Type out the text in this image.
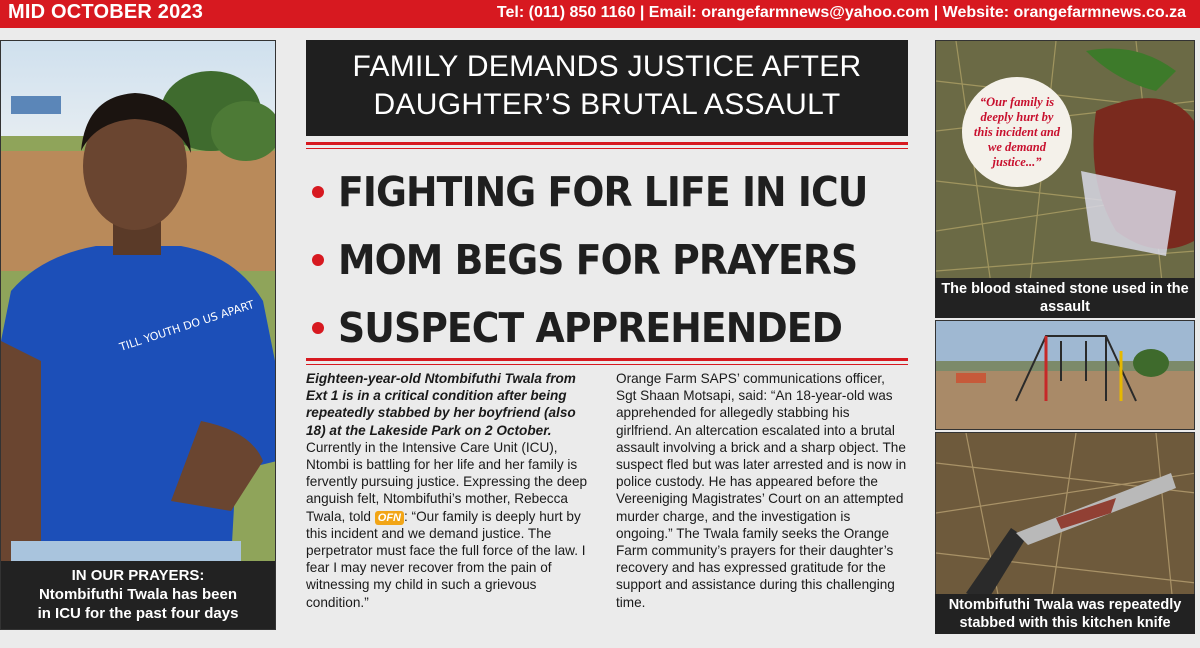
MID OCTOBER 2023	Tel: (011) 850 1160 | Email: orangefarmnews@yahoo.com | Website: orangefarmnews.co.za
TILL YOUTH DO US APART
IN OUR PRAYERS:
Ntombifuthi Twala has been
in ICU for the past four days
FAMILY DEMANDS JUSTICE AFTER
DAUGHTER’S BRUTAL ASSAULT
FIGHTING FOR LIFE IN ICU
MOM BEGS FOR PRAYERS
SUSPECT APPREHENDED

Eighteen-year-old Ntombifuthi Twala from Ext 1 is in a critical condition after being repeatedly stabbed by her boyfriend (also 18) at the Lakeside Park on 2 October.

Currently in the Intensive Care Unit (ICU), Ntombi is battling for her life and her family is fervently pursuing justice. Expressing the deep anguish felt, Ntombifuthi’s mother, Rebecca Twala, told OFN : “Our family is deeply hurt by this incident and we demand justice. The perpetrator must face the full force of the law. I fear I may never recover from the pain of witnessing my child in such a grievous condition.”

Orange Farm SAPS’ communications officer, Sgt Shaan Motsapi, said: “An 18-year-old was apprehended for allegedly stabbing his girlfriend. An altercation escalated into a brutal assault involving a brick and a sharp object. The suspect fled but was later arrested and is now in police custody. He has appeared before the Vereeniging Magistrates’ Court on an attempted murder charge, and the investigation is ongoing.” The Twala family seeks the Orange Farm community’s prayers for their daughter’s recovery and has expressed gratitude for the support and assistance during this challenging time.

“Our family is deeply hurt by this incident and we demand justice...”
The blood stained stone used in the assault
Ntombifuthi Twala was repeatedly stabbed with this kitchen knife
